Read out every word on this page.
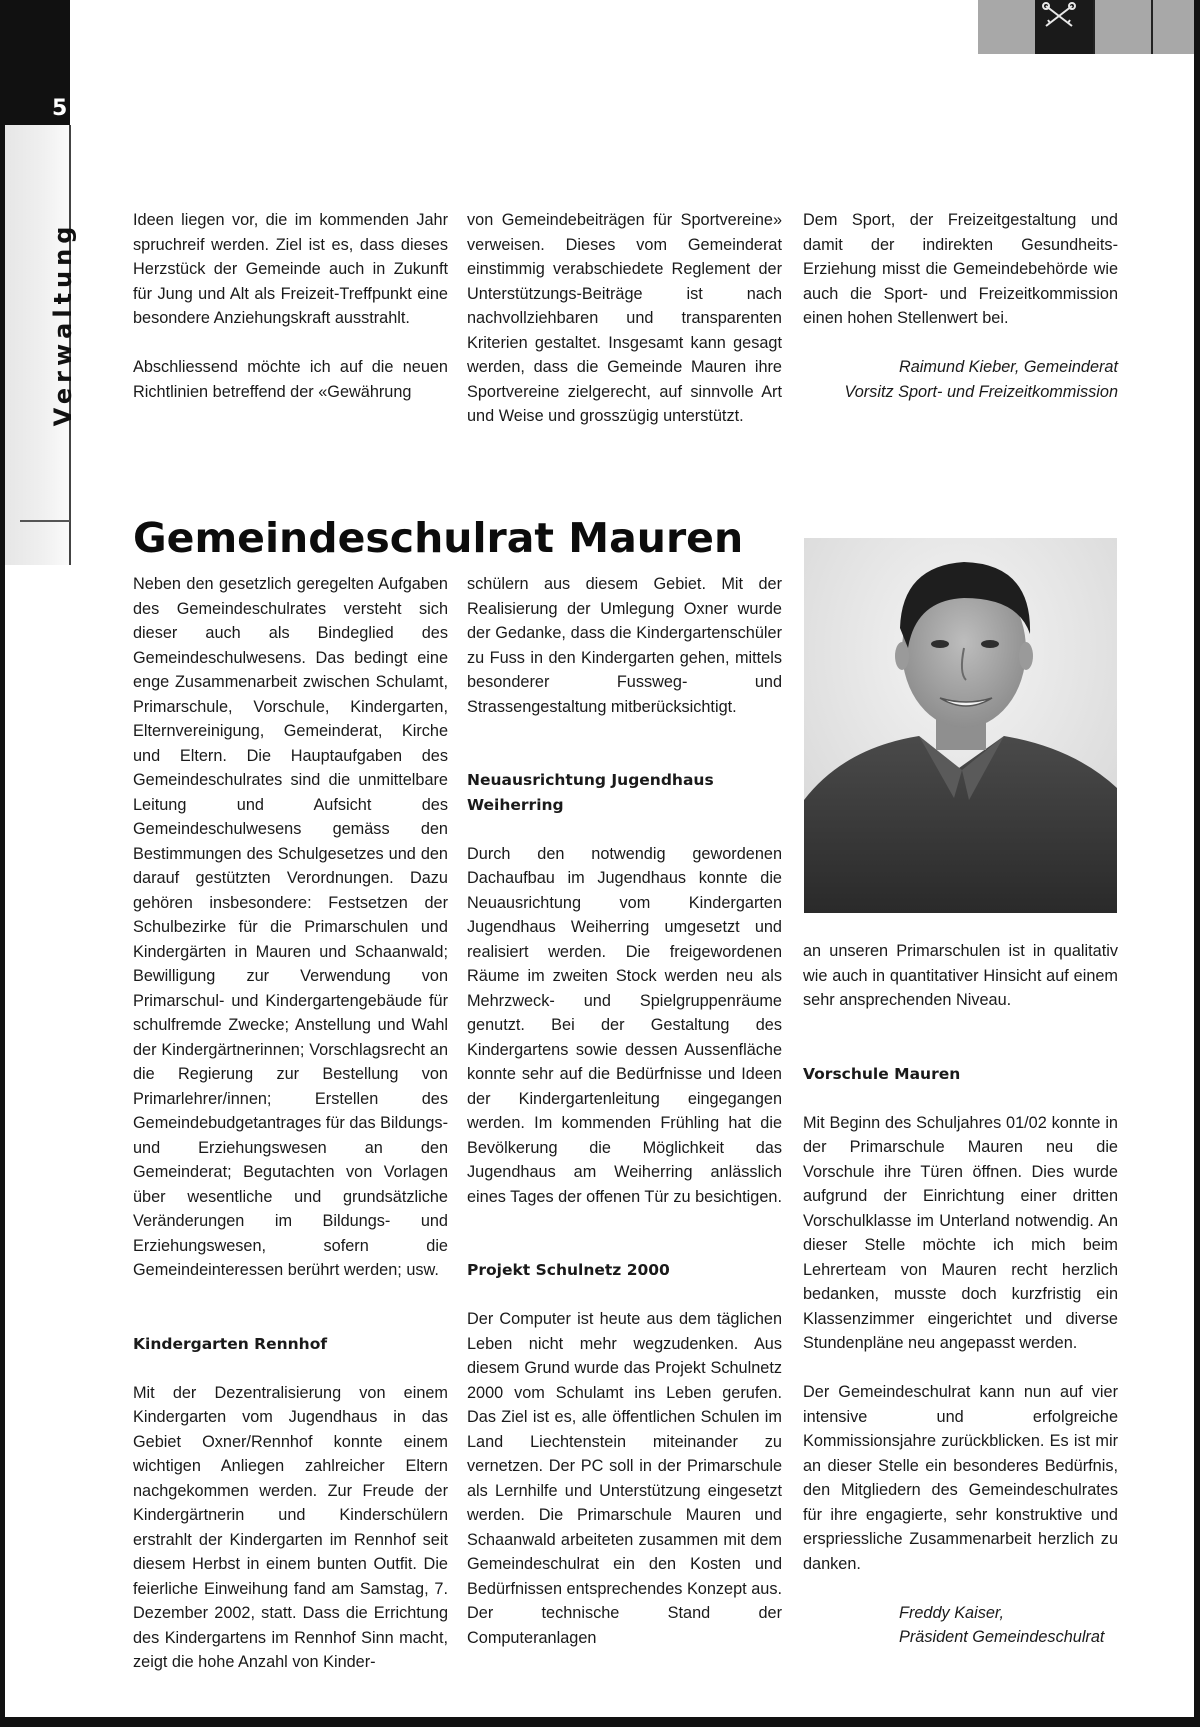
5
Verwaltung

Ideen liegen vor, die im kommenden Jahr spruchreif werden. Ziel ist es, dass dieses Herzstück der Gemeinde auch in Zukunft für Jung und Alt als Freizeit-Treffpunkt eine besondere Anziehungskraft ausstrahlt.

Abschliessend möchte ich auf die neuen Richtlinien betreffend der «Gewährung

von Gemeindebeiträgen für Sportvereine» verweisen. Dieses vom Gemeinderat einstimmig verabschiedete Reglement der Unterstützungs-Beiträge ist nach nachvollziehbaren und transparenten Kriterien gestaltet. Insgesamt kann gesagt werden, dass die Gemeinde Mauren ihre Sportvereine zielgerecht, auf sinnvolle Art und Weise und grosszügig unterstützt.

Dem Sport, der Freizeitgestaltung und damit der indirekten Gesundheits-Erziehung misst die Gemeindebehörde wie auch die Sport- und Freizeitkommission einen hohen Stellenwert bei.

Raimund Kieber, Gemeinderat
Vorsitz Sport- und Freizeitkommission

Gemeindeschulrat Mauren

Neben den gesetzlich geregelten Aufgaben des Gemeindeschulrates versteht sich dieser auch als Bindeglied des Gemeindeschulwesens. Das bedingt eine enge Zusammenarbeit zwischen Schulamt, Primarschule, Vorschule, Kindergarten, Elternvereinigung, Gemeinderat, Kirche und Eltern. Die Hauptaufgaben des Gemeindeschulrates sind die unmittelbare Leitung und Aufsicht des Gemeindeschulwesens gemäss den Bestimmungen des Schulgesetzes und den darauf gestützten Verordnungen. Dazu gehören insbesondere: Festsetzen der Schulbezirke für die Primarschulen und Kindergärten in Mauren und Schaanwald; Bewilligung zur Verwendung von Primarschul- und Kindergartengebäude für schulfremde Zwecke; Anstellung und Wahl der Kindergärtnerinnen; Vorschlagsrecht an die Regierung zur Bestellung von Primarlehrer/innen; Erstellen des Gemeindebudgetantrages für das Bildungs- und Erziehungswesen an den Gemeinderat; Begutachten von Vorlagen über wesentliche und grundsätzliche Veränderungen im Bildungs- und Erziehungswesen, sofern die Gemeindeinteressen berührt werden; usw.

Kindergarten Rennhof

Mit der Dezentralisierung von einem Kindergarten vom Jugendhaus in das Gebiet Oxner/Rennhof konnte einem wichtigen Anliegen zahlreicher Eltern nachgekommen werden. Zur Freude der Kindergärtnerin und Kinderschülern erstrahlt der Kindergarten im Rennhof seit diesem Herbst in einem bunten Outfit. Die feierliche Einweihung fand am Samstag, 7. Dezember 2002, statt. Dass die Errichtung des Kindergartens im Rennhof Sinn macht, zeigt die hohe Anzahl von Kinder-

schülern aus diesem Gebiet. Mit der Realisierung der Umlegung Oxner wurde der Gedanke, dass die Kindergartenschüler zu Fuss in den Kindergarten gehen, mittels besonderer Fussweg- und Strassengestaltung mitberücksichtigt.

Neuausrichtung Jugendhaus Weiherring

Durch den notwendig gewordenen Dachaufbau im Jugendhaus konnte die Neuausrichtung vom Kindergarten Jugendhaus Weiherring umgesetzt und realisiert werden. Die freigewordenen Räume im zweiten Stock werden neu als Mehrzweck- und Spielgruppenräume genutzt. Bei der Gestaltung des Kindergartens sowie dessen Aussenfläche konnte sehr auf die Bedürfnisse und Ideen der Kindergartenleitung eingegangen werden. Im kommenden Frühling hat die Bevölkerung die Möglichkeit das Jugendhaus am Weiherring anlässlich eines Tages der offenen Tür zu besichtigen.

Projekt Schulnetz 2000

Der Computer ist heute aus dem täglichen Leben nicht mehr wegzudenken. Aus diesem Grund wurde das Projekt Schulnetz 2000 vom Schulamt ins Leben gerufen. Das Ziel ist es, alle öffentlichen Schulen im Land Liechtenstein miteinander zu vernetzen. Der PC soll in der Primarschule als Lernhilfe und Unterstützung eingesetzt werden. Die Primarschule Mauren und Schaanwald arbeiteten zusammen mit dem Gemeindeschulrat ein den Kosten und Bedürfnissen entsprechendes Konzept aus. Der technische Stand der Computeranlagen

an unseren Primarschulen ist in qualitativ wie auch in quantitativer Hinsicht auf einem sehr ansprechenden Niveau.

Vorschule Mauren

Mit Beginn des Schuljahres 01/02 konnte in der Primarschule Mauren neu die Vorschule ihre Türen öffnen. Dies wurde aufgrund der Einrichtung einer dritten Vorschulklasse im Unterland notwendig. An dieser Stelle möchte ich mich beim Lehrerteam von Mauren recht herzlich bedanken, musste doch kurzfristig ein Klassenzimmer eingerichtet und diverse Stundenpläne neu angepasst werden.

Der Gemeindeschulrat kann nun auf vier intensive und erfolgreiche Kommissionsjahre zurückblicken. Es ist mir an dieser Stelle ein besonderes Bedürfnis, den Mitgliedern des Gemeindeschulrates für ihre engagierte, sehr konstruktive und erspriessliche Zusammenarbeit herzlich zu danken.

Freddy Kaiser,
Präsident Gemeindeschulrat
